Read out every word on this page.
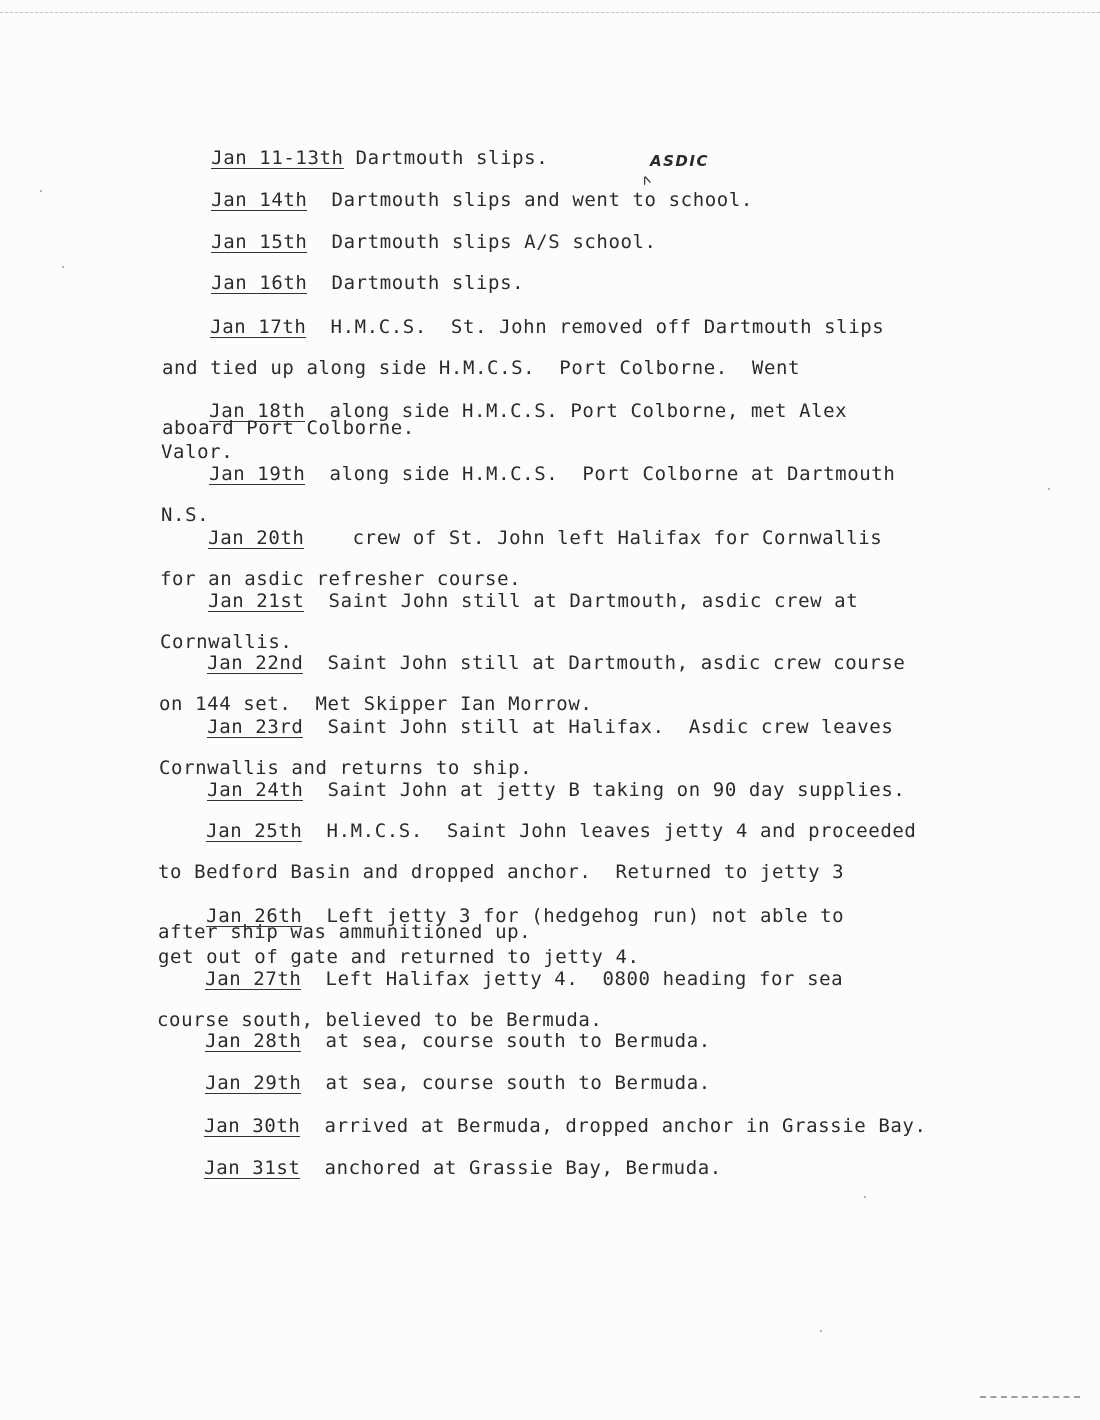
ASDIC
ʌ

Jan 11-13th Dartmouth slips.

Jan 14th  Dartmouth slips and went to school.

Jan 15th  Dartmouth slips A/S school.

Jan 16th  Dartmouth slips.

Jan 17th  H.M.C.S.  St. John removed off Dartmouth slips

and tied up along side H.M.C.S.  Port Colborne.  Went

aboard Port Colborne.

Jan 18th  along side H.M.C.S. Port Colborne, met Alex

Valor.

Jan 19th  along side H.M.C.S.  Port Colborne at Dartmouth

N.S.

Jan 20th    crew of St. John left Halifax for Cornwallis

for an asdic refresher course.

Jan 21st  Saint John still at Dartmouth, asdic crew at

Cornwallis.

Jan 22nd  Saint John still at Dartmouth, asdic crew course

on 144 set.  Met Skipper Ian Morrow.

Jan 23rd  Saint John still at Halifax.  Asdic crew leaves

Cornwallis and returns to ship.

Jan 24th  Saint John at jetty B taking on 90 day supplies.

Jan 25th  H.M.C.S.  Saint John leaves jetty 4 and proceeded

to Bedford Basin and dropped anchor.  Returned to jetty 3

after ship was ammunitioned up.

Jan 26th  Left jetty 3 for (hedgehog run) not able to

get out of gate and returned to jetty 4.

Jan 27th  Left Halifax jetty 4.  0800 heading for sea

course south, believed to be Bermuda.

Jan 28th  at sea, course south to Bermuda.

Jan 29th  at sea, course south to Bermuda.

Jan 30th  arrived at Bermuda, dropped anchor in Grassie Bay.

Jan 31st  anchored at Grassie Bay, Bermuda.
